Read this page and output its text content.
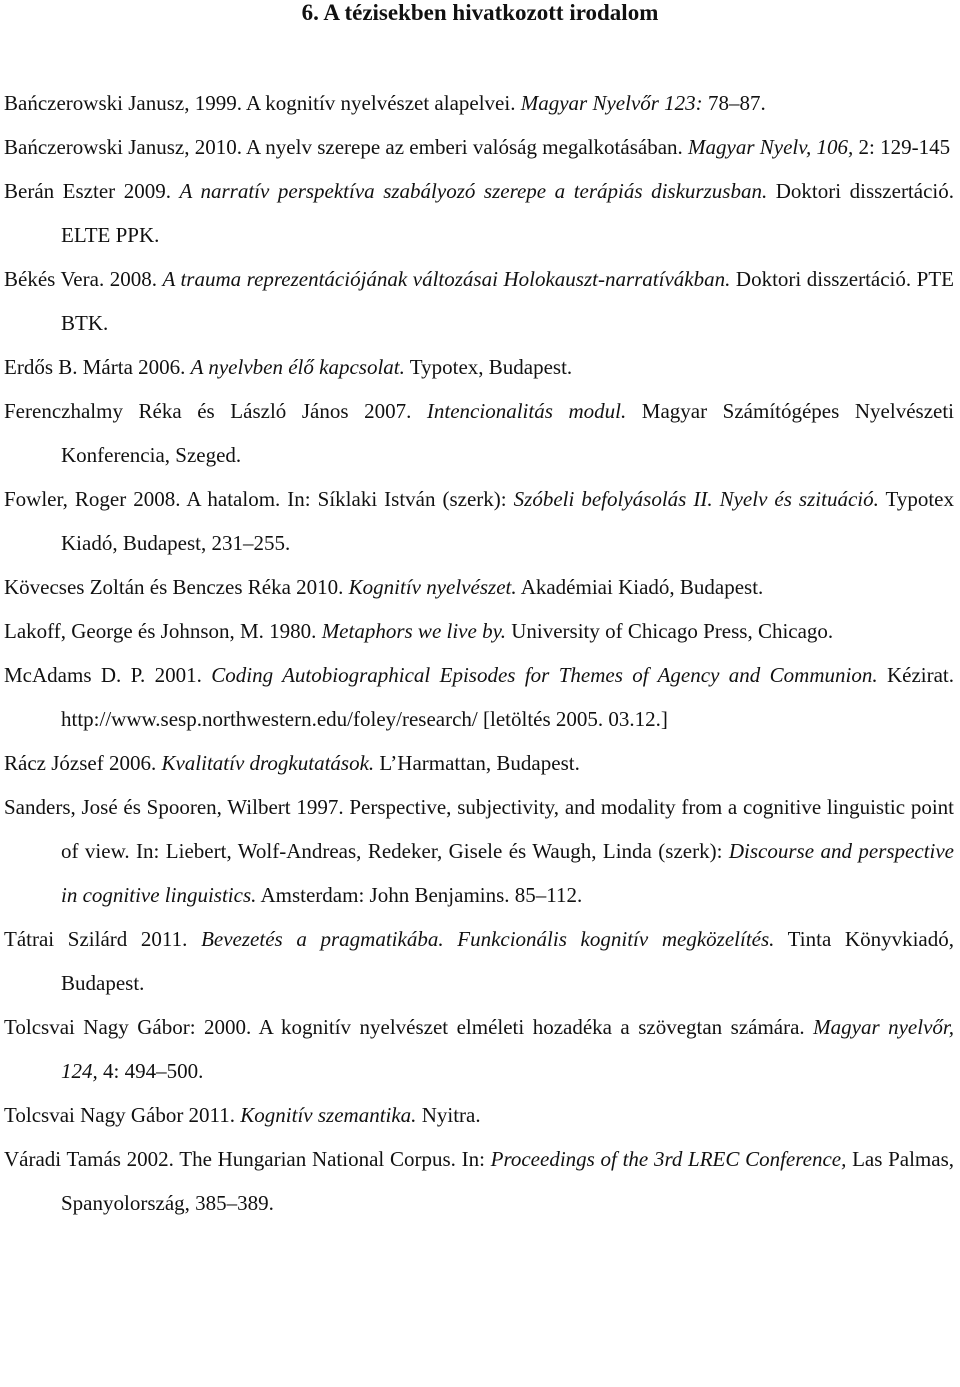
6. A tézisekben hivatkozott irodalom
Bańczerowski Janusz, 1999. A kognitív nyelvészet alapelvei. Magyar Nyelvőr 123: 78–87.
Bańczerowski Janusz, 2010. A nyelv szerepe az emberi valóság megalkotásában. Magyar Nyelv, 106, 2: 129-145
Berán Eszter 2009. A narratív perspektíva szabályozó szerepe a terápiás diskurzusban. Doktori disszertáció. ELTE PPK.
Békés Vera. 2008. A trauma reprezentációjának változásai Holokauszt-narratívákban. Doktori disszertáció. PTE BTK.
Erdős B. Márta 2006. A nyelvben élő kapcsolat. Typotex, Budapest.
Ferenczhalmy Réka és László János 2007. Intencionalitás modul. Magyar Számítógépes Nyelvészeti Konferencia, Szeged.
Fowler, Roger 2008. A hatalom. In: Síklaki István (szerk): Szóbeli befolyásolás II. Nyelv és szituáció. Typotex Kiadó, Budapest, 231–255.
Kövecses Zoltán és Benczes Réka 2010. Kognitív nyelvészet. Akadémiai Kiadó, Budapest.
Lakoff, George és Johnson, M. 1980. Metaphors we live by. University of Chicago Press, Chicago.
McAdams D. P. 2001. Coding Autobiographical Episodes for Themes of Agency and Communion. Kézirat. http://www.sesp.northwestern.edu/foley/research/ [letöltés 2005. 03.12.]
Rácz József 2006. Kvalitatív drogkutatások. L’Harmattan, Budapest.
Sanders, José és Spooren, Wilbert 1997. Perspective, subjectivity, and modality from a cognitive linguistic point of view. In: Liebert, Wolf-Andreas, Redeker, Gisele és Waugh, Linda (szerk): Discourse and perspective in cognitive linguistics. Amsterdam: John Benjamins. 85–112.
Tátrai Szilárd 2011. Bevezetés a pragmatikába. Funkcionális kognitív megközelítés. Tinta Könyvkiadó, Budapest.
Tolcsvai Nagy Gábor: 2000. A kognitív nyelvészet elméleti hozadéka a szövegtan számára. Magyar nyelvőr, 124, 4: 494–500.
Tolcsvai Nagy Gábor 2011. Kognitív szemantika. Nyitra.
Váradi Tamás 2002. The Hungarian National Corpus. In: Proceedings of the 3rd LREC Conference, Las Palmas, Spanyolország, 385–389.
